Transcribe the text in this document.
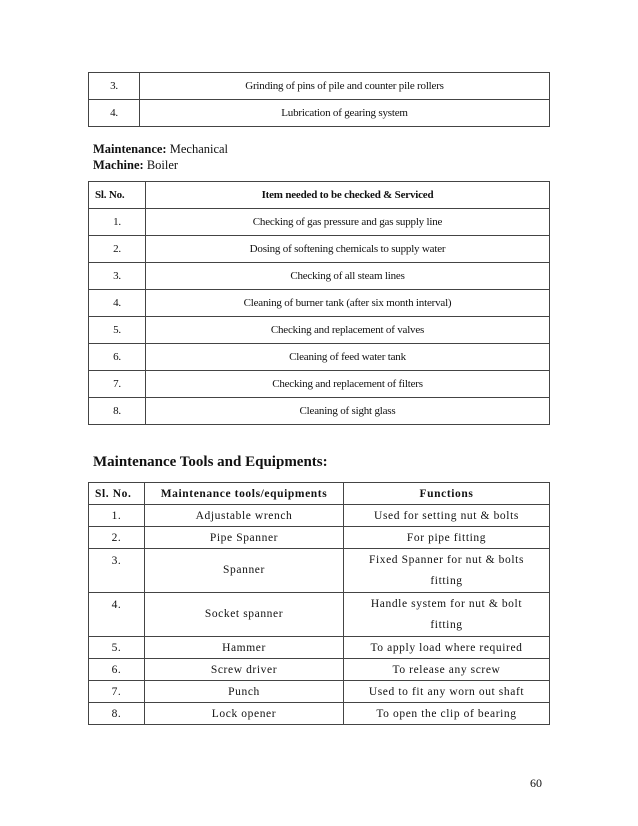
3.	Grinding of pins of pile and counter pile rollers
4.	Lubrication of gearing system
Maintenance: Mechanical
Machine: Boiler
Sl. No.	Item needed to be checked & Serviced
1.	Checking of gas pressure and gas supply line
2.	Dosing of softening chemicals to supply water
3.	Checking of all steam lines
4.	Cleaning of burner tank (after six month interval)
5.	Checking and replacement of valves
6.	Cleaning of feed water tank
7.	Checking and replacement of filters
8.	Cleaning of sight glass
Maintenance Tools and Equipments:
Sl. No.	Maintenance tools/equipments	Functions
1.	Adjustable wrench	Used for setting nut & bolts
2.	Pipe Spanner	For pipe fitting
3.	Spanner	Fixed Spanner for nut & bolts
fitting
4.	Socket spanner	Handle system for nut & bolt
fitting
5.	Hammer	To apply load where required
6.	Screw driver	To release any screw
7.	Punch	Used to fit any worn out shaft
8.	Lock opener	To open the clip of bearing
60
